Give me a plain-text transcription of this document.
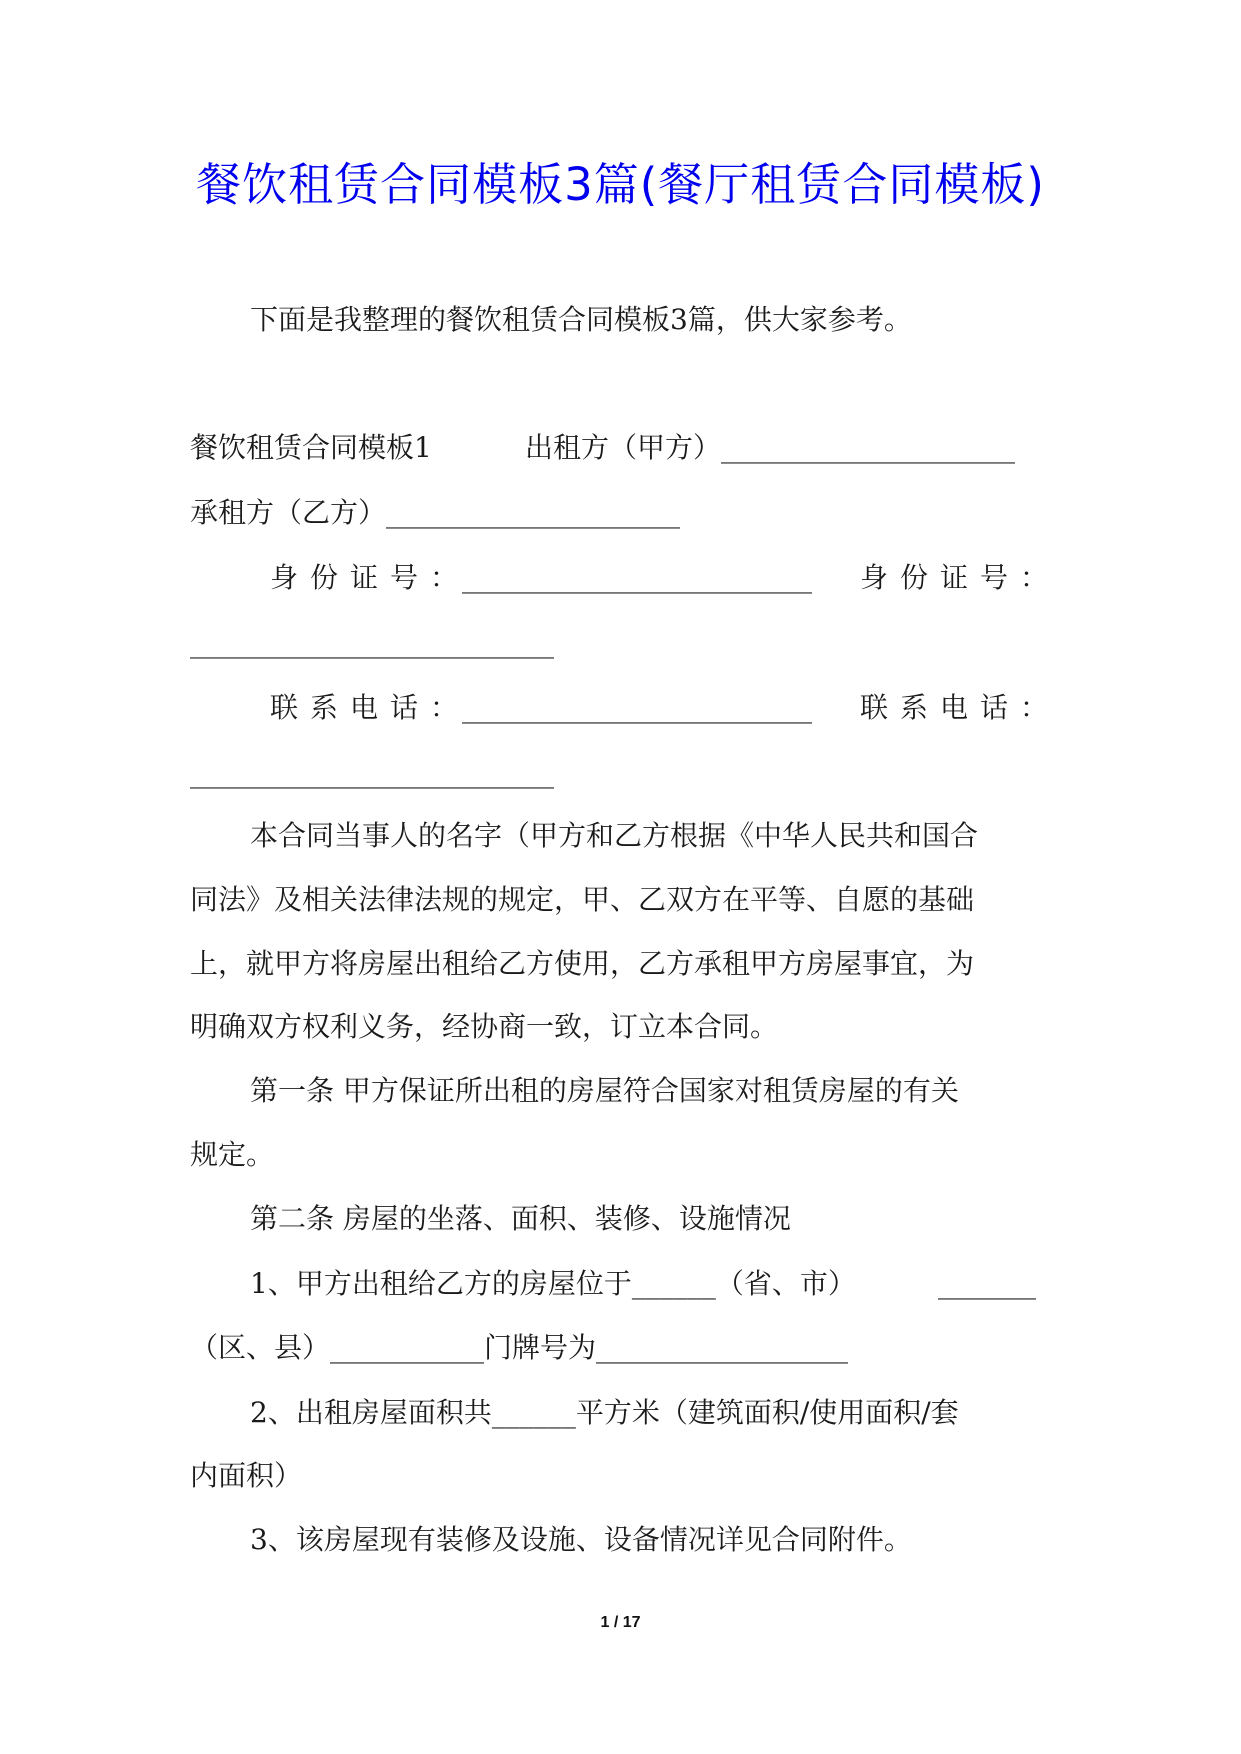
餐饮租赁合同模板3篇(餐厅租赁合同模板)
下面是我整理的餐饮租赁合同模板3篇，供大家参考。
餐饮租赁合同模板1	出租方（甲方）_____________________
承租方（乙方）_____________________
身份证号：
_________________________ 身份证号：
__________________________
联系电话：
_________________________ 联系电话：
__________________________
本合同当事人的名字（甲方和乙方根据《中华人民共和国合
同法》及相关法律法规的规定，甲、乙双方在平等、自愿的基础
上，就甲方将房屋出租给乙方使用，乙方承租甲方房屋事宜，为
明确双方权利义务，经协商一致，订立本合同。
第一条 甲方保证所出租的房屋符合国家对租赁房屋的有关
规定。
第二条 房屋的坐落、面积、装修、设施情况
1、甲方出租给乙方的房屋位于______（省、市）	_______
（区、县）___________门牌号为__________________
2、出租房屋面积共______平方米（建筑面积/使用面积/套
内面积）
3、该房屋现有装修及设施、设备情况详见合同附件。
1 / 17
